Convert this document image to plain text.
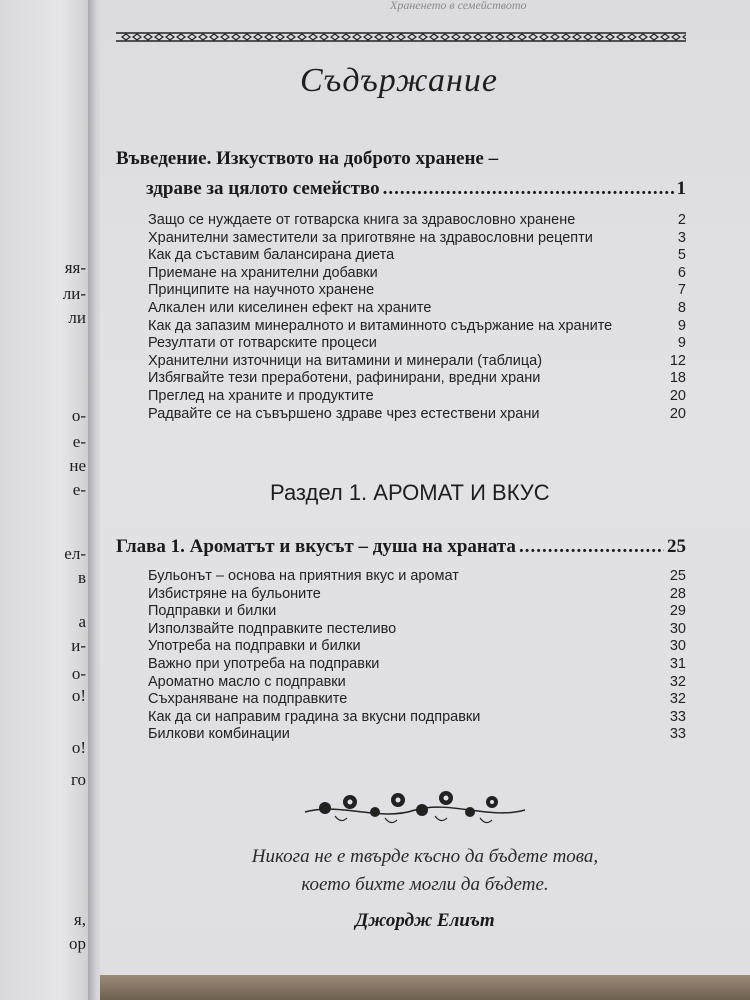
яя-
ли-
ли
о-
е-
не
е-
ел-
в
а
и-
о-
о!
о!
го
я,
ор
Храненето в семейството
Съдържание
Въведение. Изкуството на доброто хранене –
здраве за цялото семейство .....	1
Защо се нуждаете от готварска книга за здравословно хранене _____	2
Хранителни заместители за приготвяне на здравословни рецепти _____	3
Как да съставим балансирана диета _____	5
Приемане на хранителни добавки _____	6
Принципите на научното хранене _____	7
Алкален или киселинен ефект на храните _____	8
Как да запазим минералното и витаминното съдържание на храните _____	9
Резултати от готварските процеси _____	9
Хранителни източници на витамини и минерали (таблица) _____	12
Избягвайте тези преработени, рафинирани, вредни храни _____	18
Преглед на храните и продуктите _____	20
Радвайте се на съвършено здраве чрез естествени храни _____	20
Раздел 1. АРОМАТ И ВКУС
Глава 1. Ароматът и вкусът – душа на храната .....	25
Бульонът – основа на приятния вкус и аромат _____	25
Избистряне на бульоните _____	28
Подправки и билки _____	29
Използвайте подправките пестеливо _____	30
Употреба на подправки и билки _____	30
Важно при употреба на подправки _____	31
Ароматно масло с подправки _____	32
Съхраняване на подправките _____	32
Как да си направим градина за вкусни подправки _____	33
Билкови комбинации _____	33
Никога не е твърде късно да бъдете това,
което бихте могли да бъдете.
Джордж Елиът
